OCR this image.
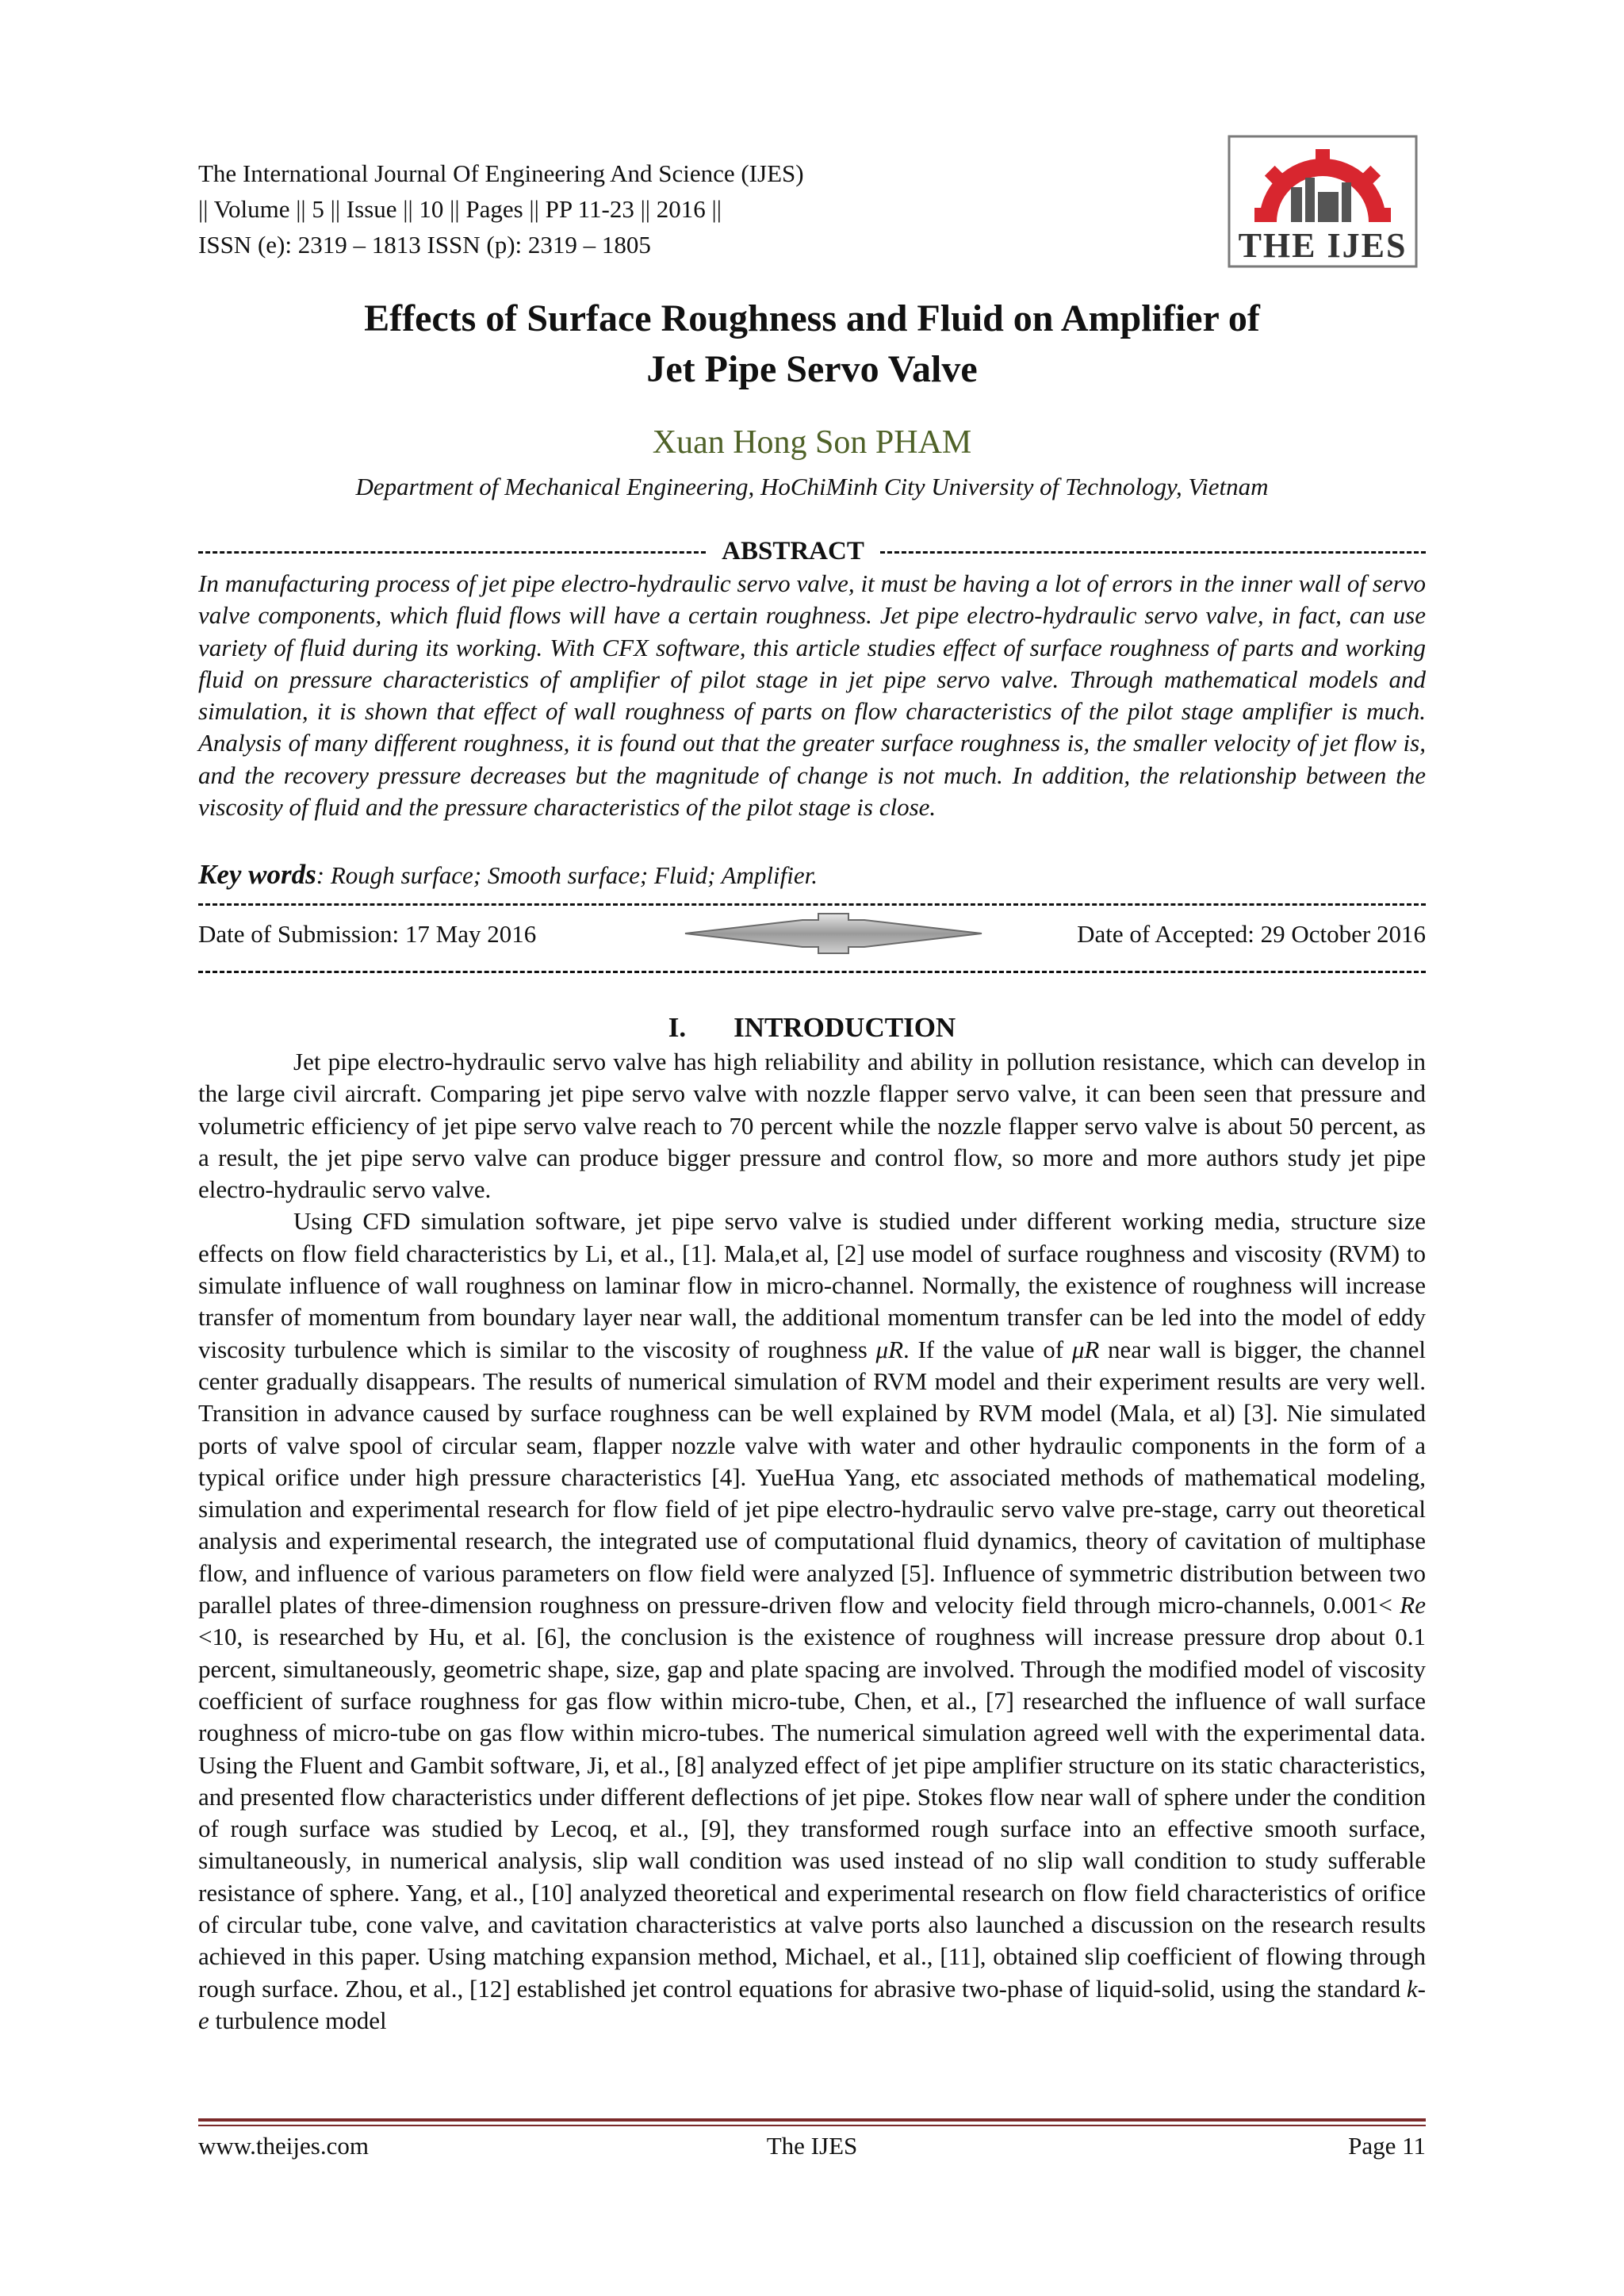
The International Journal Of Engineering And Science (IJES)
|| Volume || 5 || Issue || 10 || Pages || PP 11-23 || 2016 ||
ISSN (e): 2319 – 1813 ISSN (p): 2319 – 1805	THE IJES
Effects of Surface Roughness and Fluid on Amplifier of
Jet Pipe Servo Valve
Xuan Hong Son PHAM
Department of Mechanical Engineering, HoChiMinh City University of Technology, Vietnam
ABSTRACT

In manufacturing process of jet pipe electro-hydraulic servo valve, it must be having a lot of errors in the inner wall of servo valve components, which fluid flows will have a certain roughness. Jet pipe electro-hydraulic servo valve, in fact, can use variety of fluid during its working. With CFX software, this article studies effect of surface roughness of parts and working fluid on pressure characteristics of amplifier of pilot stage in jet pipe servo valve. Through mathematical models and simulation, it is shown that effect of wall roughness of parts on flow characteristics of the pilot stage amplifier is much. Analysis of many different roughness, it is found out that the greater surface roughness is, the smaller velocity of jet flow is, and the recovery pressure decreases but the magnitude of change is not much. In addition, the relationship between the viscosity of fluid and the pressure characteristics of the pilot stage is close.

Key words: Rough surface; Smooth surface; Fluid; Amplifier.

Date of Submission: 17 May 2016	Date of Accepted: 29 October 2016
I. INTRODUCTION

Jet pipe electro-hydraulic servo valve has high reliability and ability in pollution resistance, which can develop in the large civil aircraft. Comparing jet pipe servo valve with nozzle flapper servo valve, it can been seen that pressure and volumetric efficiency of jet pipe servo valve reach to 70 percent while the nozzle flapper servo valve is about 50 percent, as a result, the jet pipe servo valve can produce bigger pressure and control flow, so more and more authors study jet pipe electro-hydraulic servo valve.

Using CFD simulation software, jet pipe servo valve is studied under different working media, structure size effects on flow field characteristics by Li, et al., [1]. Mala,et al, [2] use model of surface roughness and viscosity (RVM) to simulate influence of wall roughness on laminar flow in micro-channel. Normally, the existence of roughness will increase transfer of momentum from boundary layer near wall, the additional momentum transfer can be led into the model of eddy viscosity turbulence which is similar to the viscosity of roughness μR. If the value of μR near wall is bigger, the channel center gradually disappears. The results of numerical simulation of RVM model and their experiment results are very well. Transition in advance caused by surface roughness can be well explained by RVM model (Mala, et al) [3]. Nie simulated ports of valve spool of circular seam, flapper nozzle valve with water and other hydraulic components in the form of a typical orifice under high pressure characteristics [4]. YueHua Yang, etc associated methods of mathematical modeling, simulation and experimental research for flow field of jet pipe electro-hydraulic servo valve pre-stage, carry out theoretical analysis and experimental research, the integrated use of computational fluid dynamics, theory of cavitation of multiphase flow, and influence of various parameters on flow field were analyzed [5]. Influence of symmetric distribution between two parallel plates of three-dimension roughness on pressure-driven flow and velocity field through micro-channels, 0.001< Re <10, is researched by Hu, et al. [6], the conclusion is the existence of roughness will increase pressure drop about 0.1 percent, simultaneously, geometric shape, size, gap and plate spacing are involved. Through the modified model of viscosity coefficient of surface roughness for gas flow within micro-tube, Chen, et al., [7] researched the influence of wall surface roughness of micro-tube on gas flow within micro-tubes. The numerical simulation agreed well with the experimental data. Using the Fluent and Gambit software, Ji, et al., [8] analyzed effect of jet pipe amplifier structure on its static characteristics, and presented flow characteristics under different deflections of jet pipe. Stokes flow near wall of sphere under the condition of rough surface was studied by Lecoq, et al., [9], they transformed rough surface into an effective smooth surface, simultaneously, in numerical analysis, slip wall condition was used instead of no slip wall condition to study sufferable resistance of sphere. Yang, et al., [10] analyzed theoretical and experimental research on flow field characteristics of orifice of circular tube, cone valve, and cavitation characteristics at valve ports also launched a discussion on the research results achieved in this paper. Using matching expansion method, Michael, et al., [11], obtained slip coefficient of flowing through rough surface. Zhou, et al., [12] established jet control equations for abrasive two-phase of liquid-solid, using the standard k-e turbulence model

www.theijes.com	The IJES	Page 11
